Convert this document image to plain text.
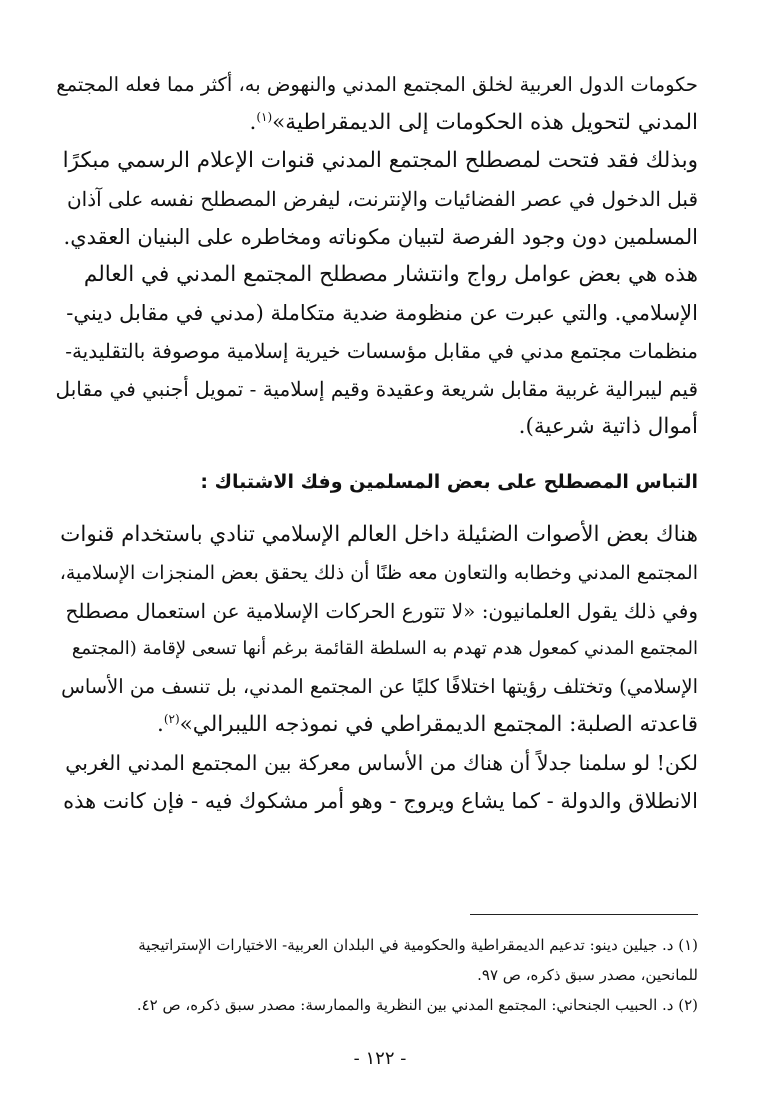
حكومات الدول العربية لخلق المجتمع المدني والنهوض به، أكثر مما فعله المجتمع
المدني لتحويل هذه الحكومات إلى الديمقراطية»$^{(١)}$.

وبذلك فقد فتحت لمصطلح المجتمع المدني قنوات الإعلام الرسمي مبكرًا
قبل الدخول في عصر الفضائيات والإنترنت، ليفرض المصطلح نفسه على آذان
المسلمين دون وجود الفرصة لتبيان مكوناته ومخاطره على البنيان العقدي.

هذه هي بعض عوامل رواج وانتشار مصطلح المجتمع المدني في العالم
الإسلامي. والتي عبرت عن منظومة ضدية متكاملة (مدني في مقابل ديني-
منظمات مجتمع مدني في مقابل مؤسسات خيرية إسلامية موصوفة بالتقليدية-
قيم ليبرالية غربية مقابل شريعة وعقيدة وقيم إسلامية - تمويل أجنبي في مقابل
أموال ذاتية شرعية).

التباس المصطلح على بعض المسلمين وفك الاشتباك :

هناك بعض الأصوات الضئيلة داخل العالم الإسلامي تنادي باستخدام قنوات
المجتمع المدني وخطابه والتعاون معه ظنًا أن ذلك يحقق بعض المنجزات الإسلامية،
وفي ذلك يقول العلمانيون: «لا تتورع الحركات الإسلامية عن استعمال مصطلح
المجتمع المدني كمعول هدم تهدم به السلطة القائمة برغم أنها تسعى لإقامة (المجتمع
الإسلامي) وتختلف رؤيتها اختلافًا كليًا عن المجتمع المدني، بل تنسف من الأساس
قاعدته الصلبة: المجتمع الديمقراطي في نموذجه الليبرالي»$^{(٢)}$.

لكن! لو سلمنا جدلاً أن هناك من الأساس معركة بين المجتمع المدني الغربي
الانطلاق والدولة - كما يشاع ويروج - وهو أمر مشكوك فيه - فإن كانت هذه

(١) د. جيلين دينو: تدعيم الديمقراطية والحكومية في البلدان العربية- الاختيارات الإستراتيجية
للمانحين، مصدر سبق ذكره، ص ٩٧.

(٢) د. الحبيب الجنحاني: المجتمع المدني بين النظرية والممارسة: مصدر سبق ذكره، ص ٤٢.

- ١٢٢ -
